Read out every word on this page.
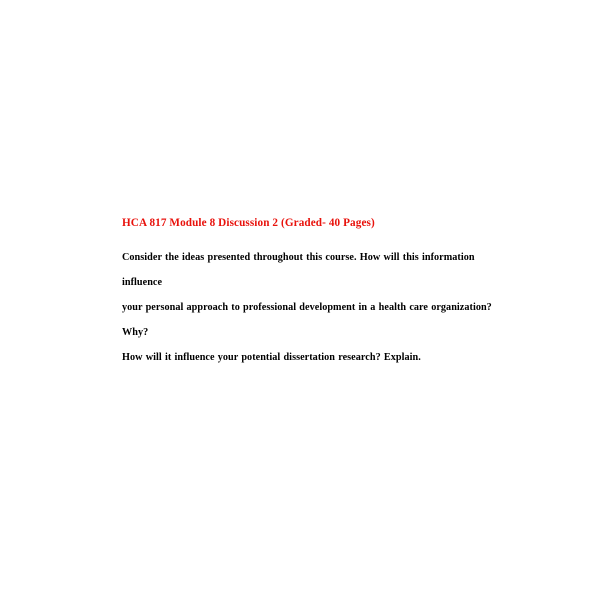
HCA 817 Module 8 Discussion 2 (Graded- 40 Pages)

Consider the ideas presented throughout this course. How will this information influence

your personal approach to professional development in a health care organization? Why?

How will it influence your potential dissertation research? Explain.
